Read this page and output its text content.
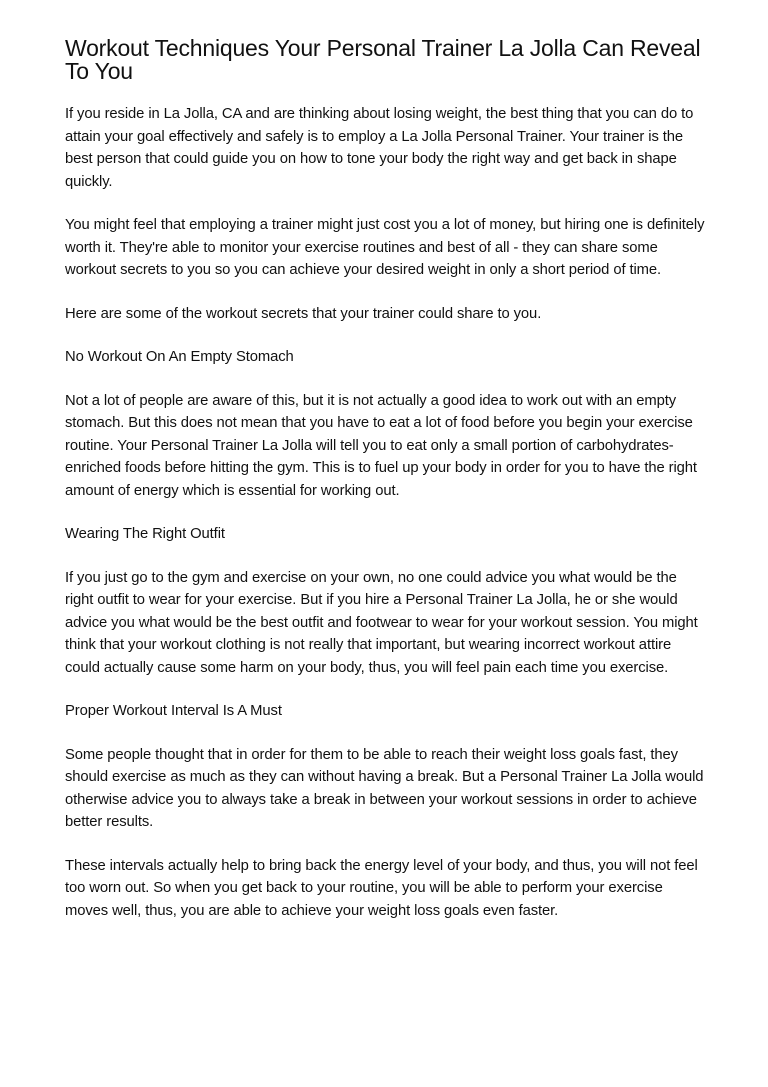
Workout Techniques Your Personal Trainer La Jolla Can Reveal To You

If you reside in La Jolla, CA and are thinking about losing weight, the best thing that you can do to attain your goal effectively and safely is to employ a La Jolla Personal Trainer. Your trainer is the best person that could guide you on how to tone your body the right way and get back in shape quickly.

You might feel that employing a trainer might just cost you a lot of money, but hiring one is definitely worth it. They're able to monitor your exercise routines and best of all - they can share some workout secrets to you so you can achieve your desired weight in only a short period of time.

Here are some of the workout secrets that your trainer could share to you.

No Workout On An Empty Stomach

Not a lot of people are aware of this, but it is not actually a good idea to work out with an empty stomach. But this does not mean that you have to eat a lot of food before you begin your exercise routine. Your Personal Trainer La Jolla will tell you to eat only a small portion of carbohydrates-enriched foods before hitting the gym. This is to fuel up your body in order for you to have the right amount of energy which is essential for working out.

Wearing The Right Outfit

If you just go to the gym and exercise on your own, no one could advice you what would be the right outfit to wear for your exercise. But if you hire a Personal Trainer La Jolla, he or she would advice you what would be the best outfit and footwear to wear for your workout session. You might think that your workout clothing is not really that important, but wearing incorrect workout attire could actually cause some harm on your body, thus, you will feel pain each time you exercise.

Proper Workout Interval Is A Must

Some people thought that in order for them to be able to reach their weight loss goals fast, they should exercise as much as they can without having a break. But a Personal Trainer La Jolla would otherwise advice you to always take a break in between your workout sessions in order to achieve better results.

These intervals actually help to bring back the energy level of your body, and thus, you will not feel too worn out. So when you get back to your routine, you will be able to perform your exercise moves well, thus, you are able to achieve your weight loss goals even faster.
